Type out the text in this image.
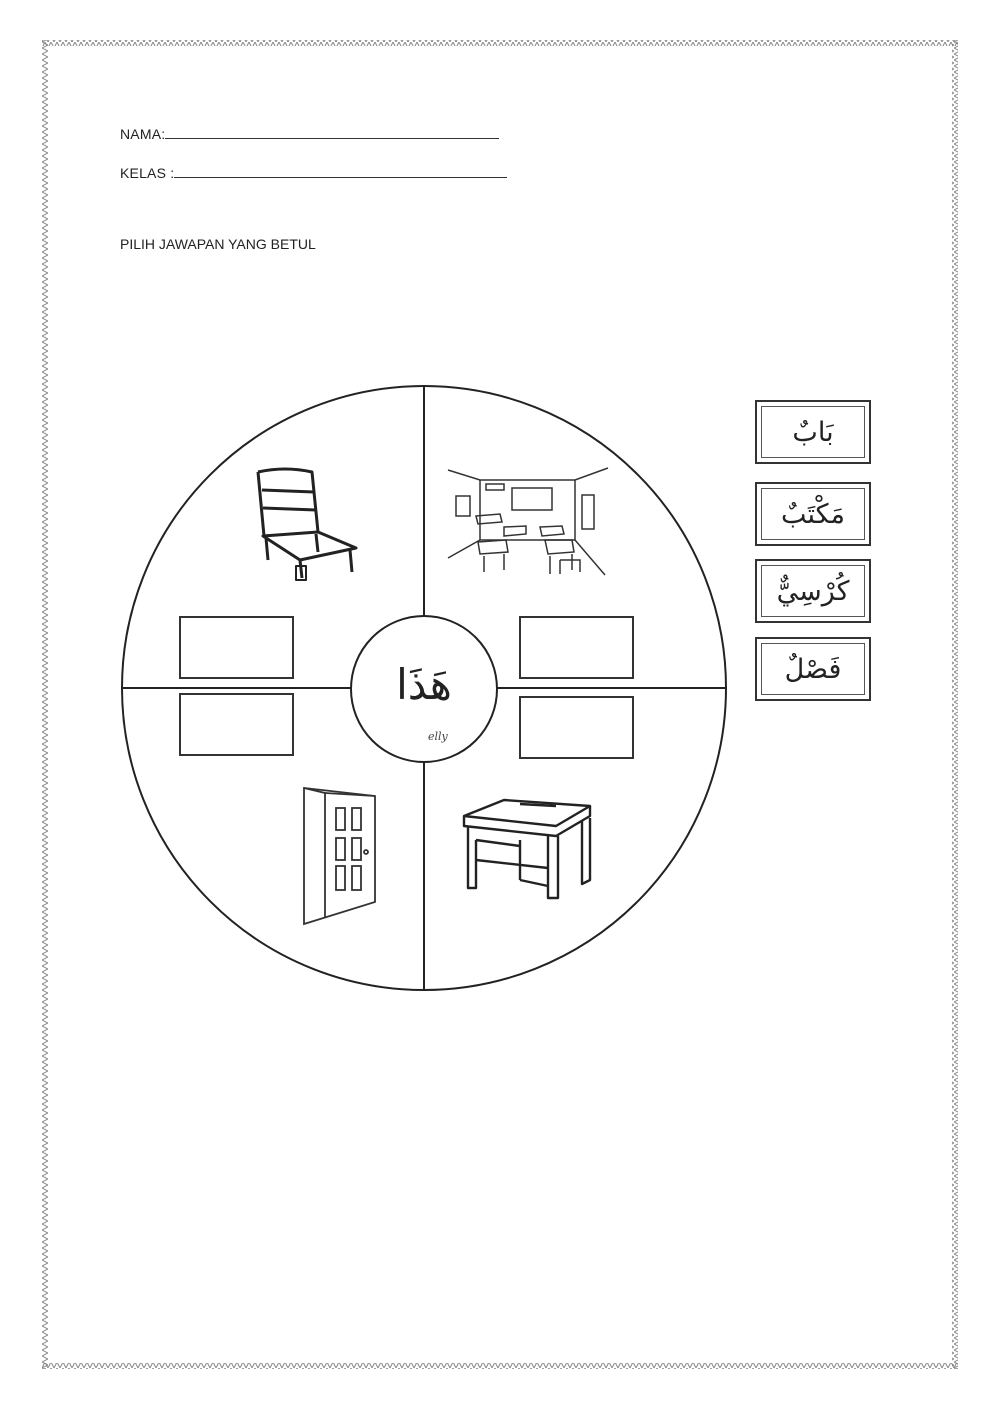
NAMA:
KELAS :
PILIH JAWAPAN YANG BETUL
elly
هَذَا
بَابٌ
مَكْتَبٌ
كُرْسِيٌّ
فَصْلٌ
